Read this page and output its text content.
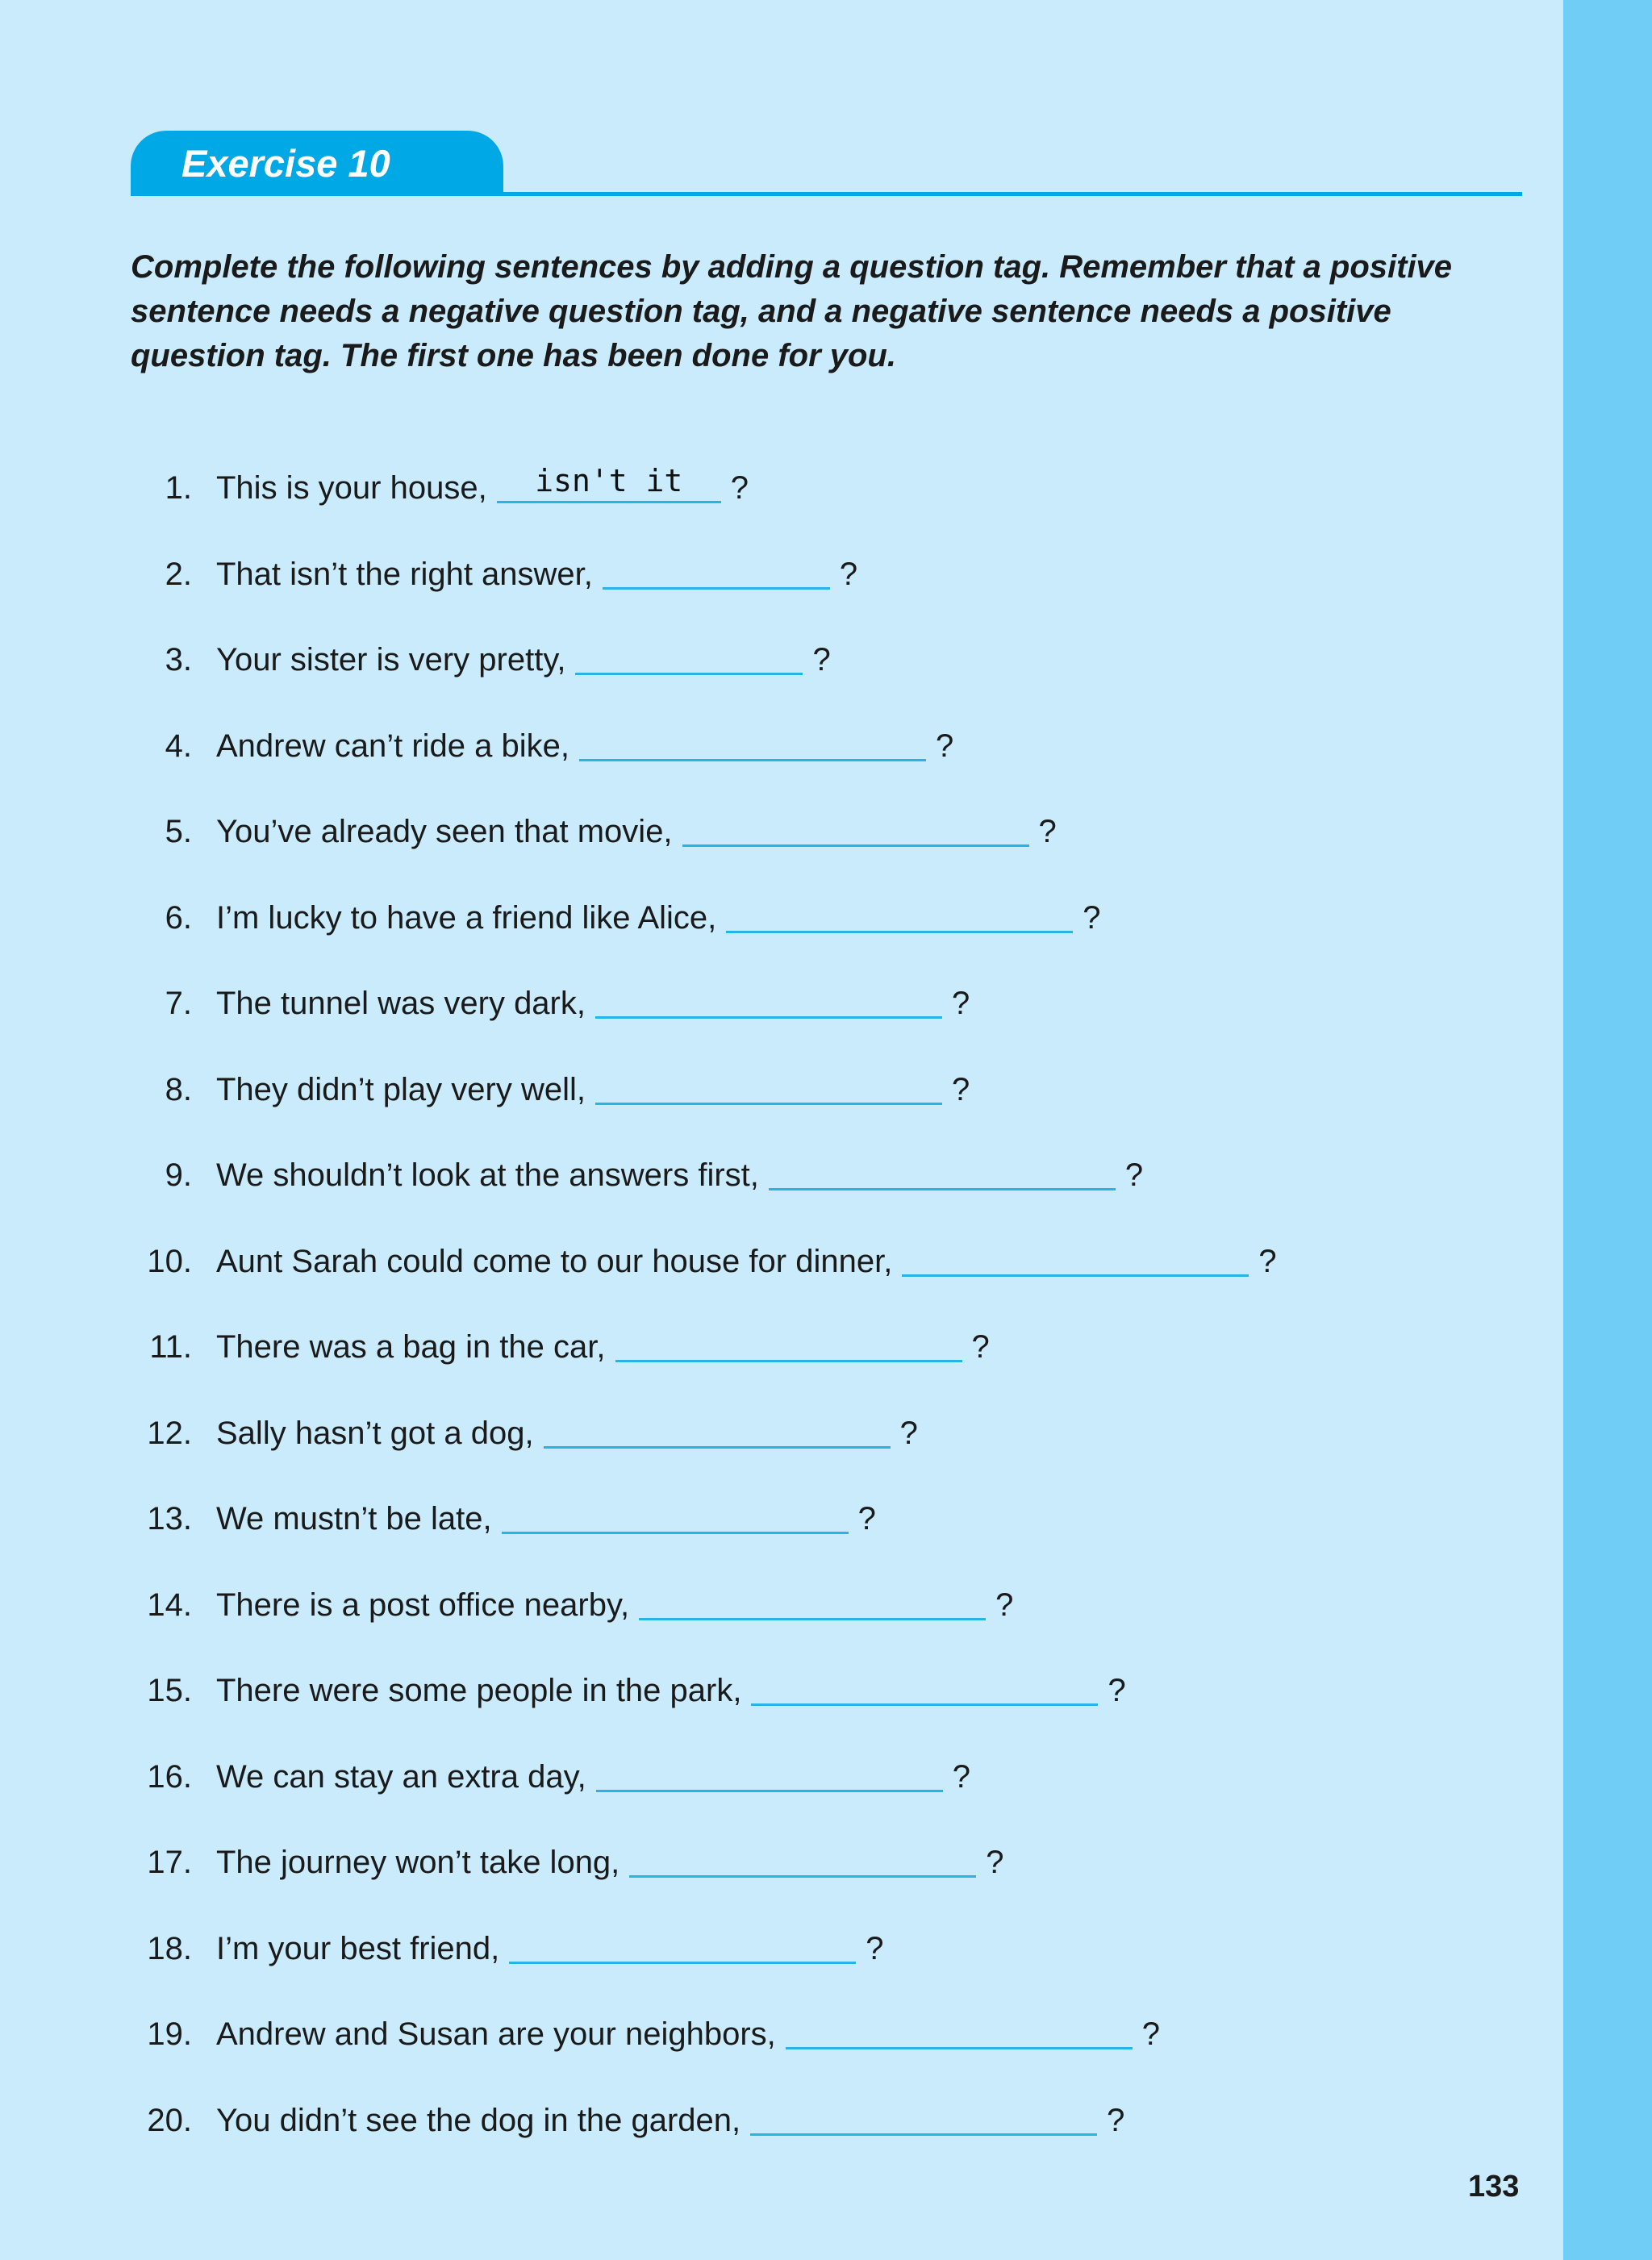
Exercise 10

Complete the following sentences by adding a question tag. Remember that a positive sentence needs a negative question tag, and a negative sentence needs a positive question tag. The first one has been done for you.

1. This is your house,	isn't it	?
2. That isn’t the right answer,	?
3. Your sister is very pretty,	?
4. Andrew can’t ride a bike,	?
5. You’ve already seen that movie,	?
6. I’m lucky to have a friend like Alice,	?
7. The tunnel was very dark,	?
8. They didn’t play very well,	?
9. We shouldn’t look at the answers first,	?
10. Aunt Sarah could come to our house for dinner,	?
11. There was a bag in the car,	?
12. Sally hasn’t got a dog,	?
13. We mustn’t be late,	?
14. There is a post office nearby,	?
15. There were some people in the park,	?
16. We can stay an extra day,	?
17. The journey won’t take long,	?
18. I’m your best friend,	?
19. Andrew and Susan are your neighbors,	?
20. You didn’t see the dog in the garden,	?
133
